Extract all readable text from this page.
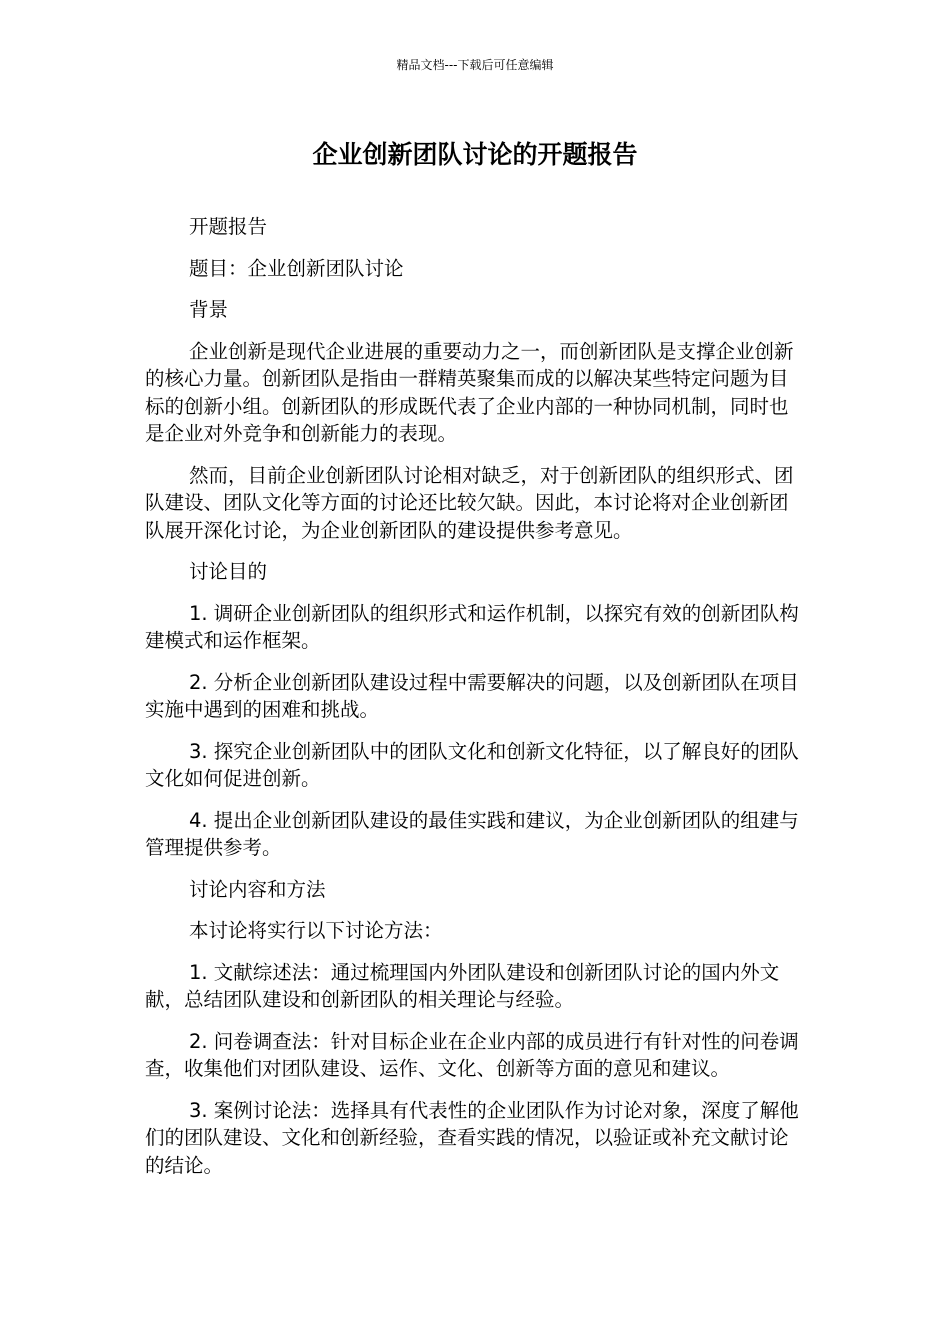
精品文档---下载后可任意编辑
企业创新团队讨论的开题报告

开题报告

题目：企业创新团队讨论

背景

企业创新是现代企业进展的重要动力之一，而创新团队是支撑企业创新的核心力量。创新团队是指由一群精英聚集而成的以解决某些特定问题为目标的创新小组。创新团队的形成既代表了企业内部的一种协同机制，同时也是企业对外竞争和创新能力的表现。

然而，目前企业创新团队讨论相对缺乏，对于创新团队的组织形式、团队建设、团队文化等方面的讨论还比较欠缺。因此，本讨论将对企业创新团队展开深化讨论，为企业创新团队的建设提供参考意见。

讨论目的

1. 调研企业创新团队的组织形式和运作机制，以探究有效的创新团队构建模式和运作框架。

2. 分析企业创新团队建设过程中需要解决的问题，以及创新团队在项目实施中遇到的困难和挑战。

3. 探究企业创新团队中的团队文化和创新文化特征，以了解良好的团队文化如何促进创新。

4. 提出企业创新团队建设的最佳实践和建议，为企业创新团队的组建与管理提供参考。

讨论内容和方法

本讨论将实行以下讨论方法：

1. 文献综述法：通过梳理国内外团队建设和创新团队讨论的国内外文献，总结团队建设和创新团队的相关理论与经验。

2. 问卷调查法：针对目标企业在企业内部的成员进行有针对性的问卷调查，收集他们对团队建设、运作、文化、创新等方面的意见和建议。

3. 案例讨论法：选择具有代表性的企业团队作为讨论对象，深度了解他们的团队建设、文化和创新经验，查看实践的情况，以验证或补充文献讨论的结论。
